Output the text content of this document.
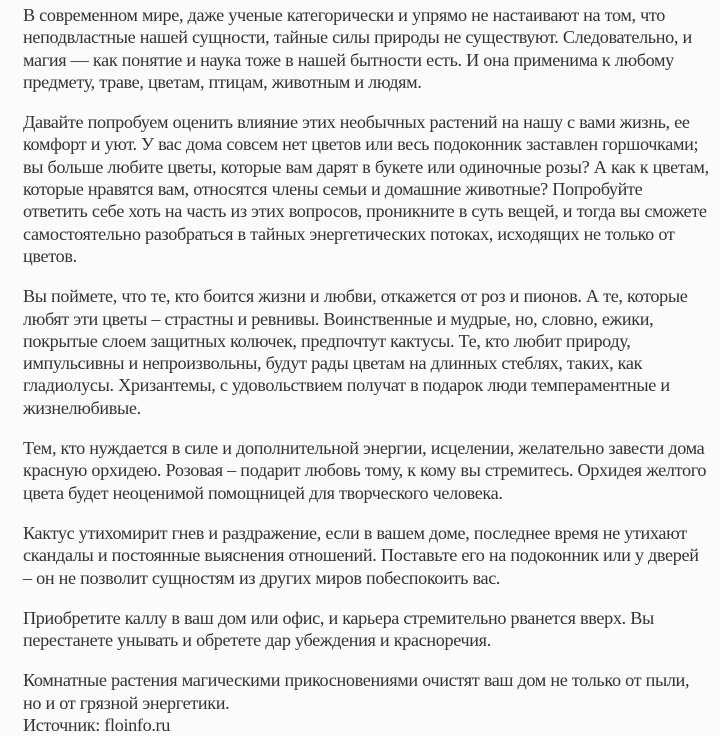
В современном мире, даже ученые категорически и упрямо не настаивают на том, что неподвластные нашей сущности, тайные силы природы не существуют. Следовательно, и магия — как понятие и наука тоже в нашей бытности есть. И она применима к любому предмету, траве, цветам, птицам, животным и людям.

Давайте попробуем оценить влияние этих необычных растений на нашу с вами жизнь, ее комфорт и уют. У вас дома совсем нет цветов или весь подоконник заставлен горшочками; вы больше любите цветы, которые вам дарят в букете или одиночные розы? А как к цветам, которые нравятся вам, относятся члены семьи и домашние животные? Попробуйте ответить себе хоть на часть из этих вопросов, проникните в суть вещей, и тогда вы сможете самостоятельно разобраться в тайных энергетических потоках, исходящих не только от цветов.

Вы поймете, что те, кто боится жизни и любви, откажется от роз и пионов. А те, которые любят эти цветы – страстны и ревнивы. Воинственные и мудрые, но, словно, ежики, покрытые слоем защитных колючек, предпочтут кактусы. Те, кто любит природу, импульсивны и непроизвольны, будут рады цветам на длинных стеблях, таких, как гладиолусы. Хризантемы, с удовольствием получат в подарок люди темпераментные и жизнелюбивые.

Тем, кто нуждается в силе и дополнительной энергии, исцелении, желательно завести дома красную орхидею. Розовая – подарит любовь тому, к кому вы стремитесь. Орхидея желтого цвета будет неоценимой помощницей для творческого человека.

Кактус утихомирит гнев и раздражение, если в вашем доме, последнее время не утихают скандалы и постоянные выяснения отношений. Поставьте его на подоконник или у дверей – он не позволит сущностям из других миров побеспокоить вас.

Приобретите каллу в ваш дом или офис, и карьера стремительно рванется вверх. Вы перестанете унывать и обретете дар убеждения и красноречия.

Комнатные растения магическими прикосновениями очистят ваш дом не только от пыли, но и от грязной энергетики.

Источник: floinfo.ru
